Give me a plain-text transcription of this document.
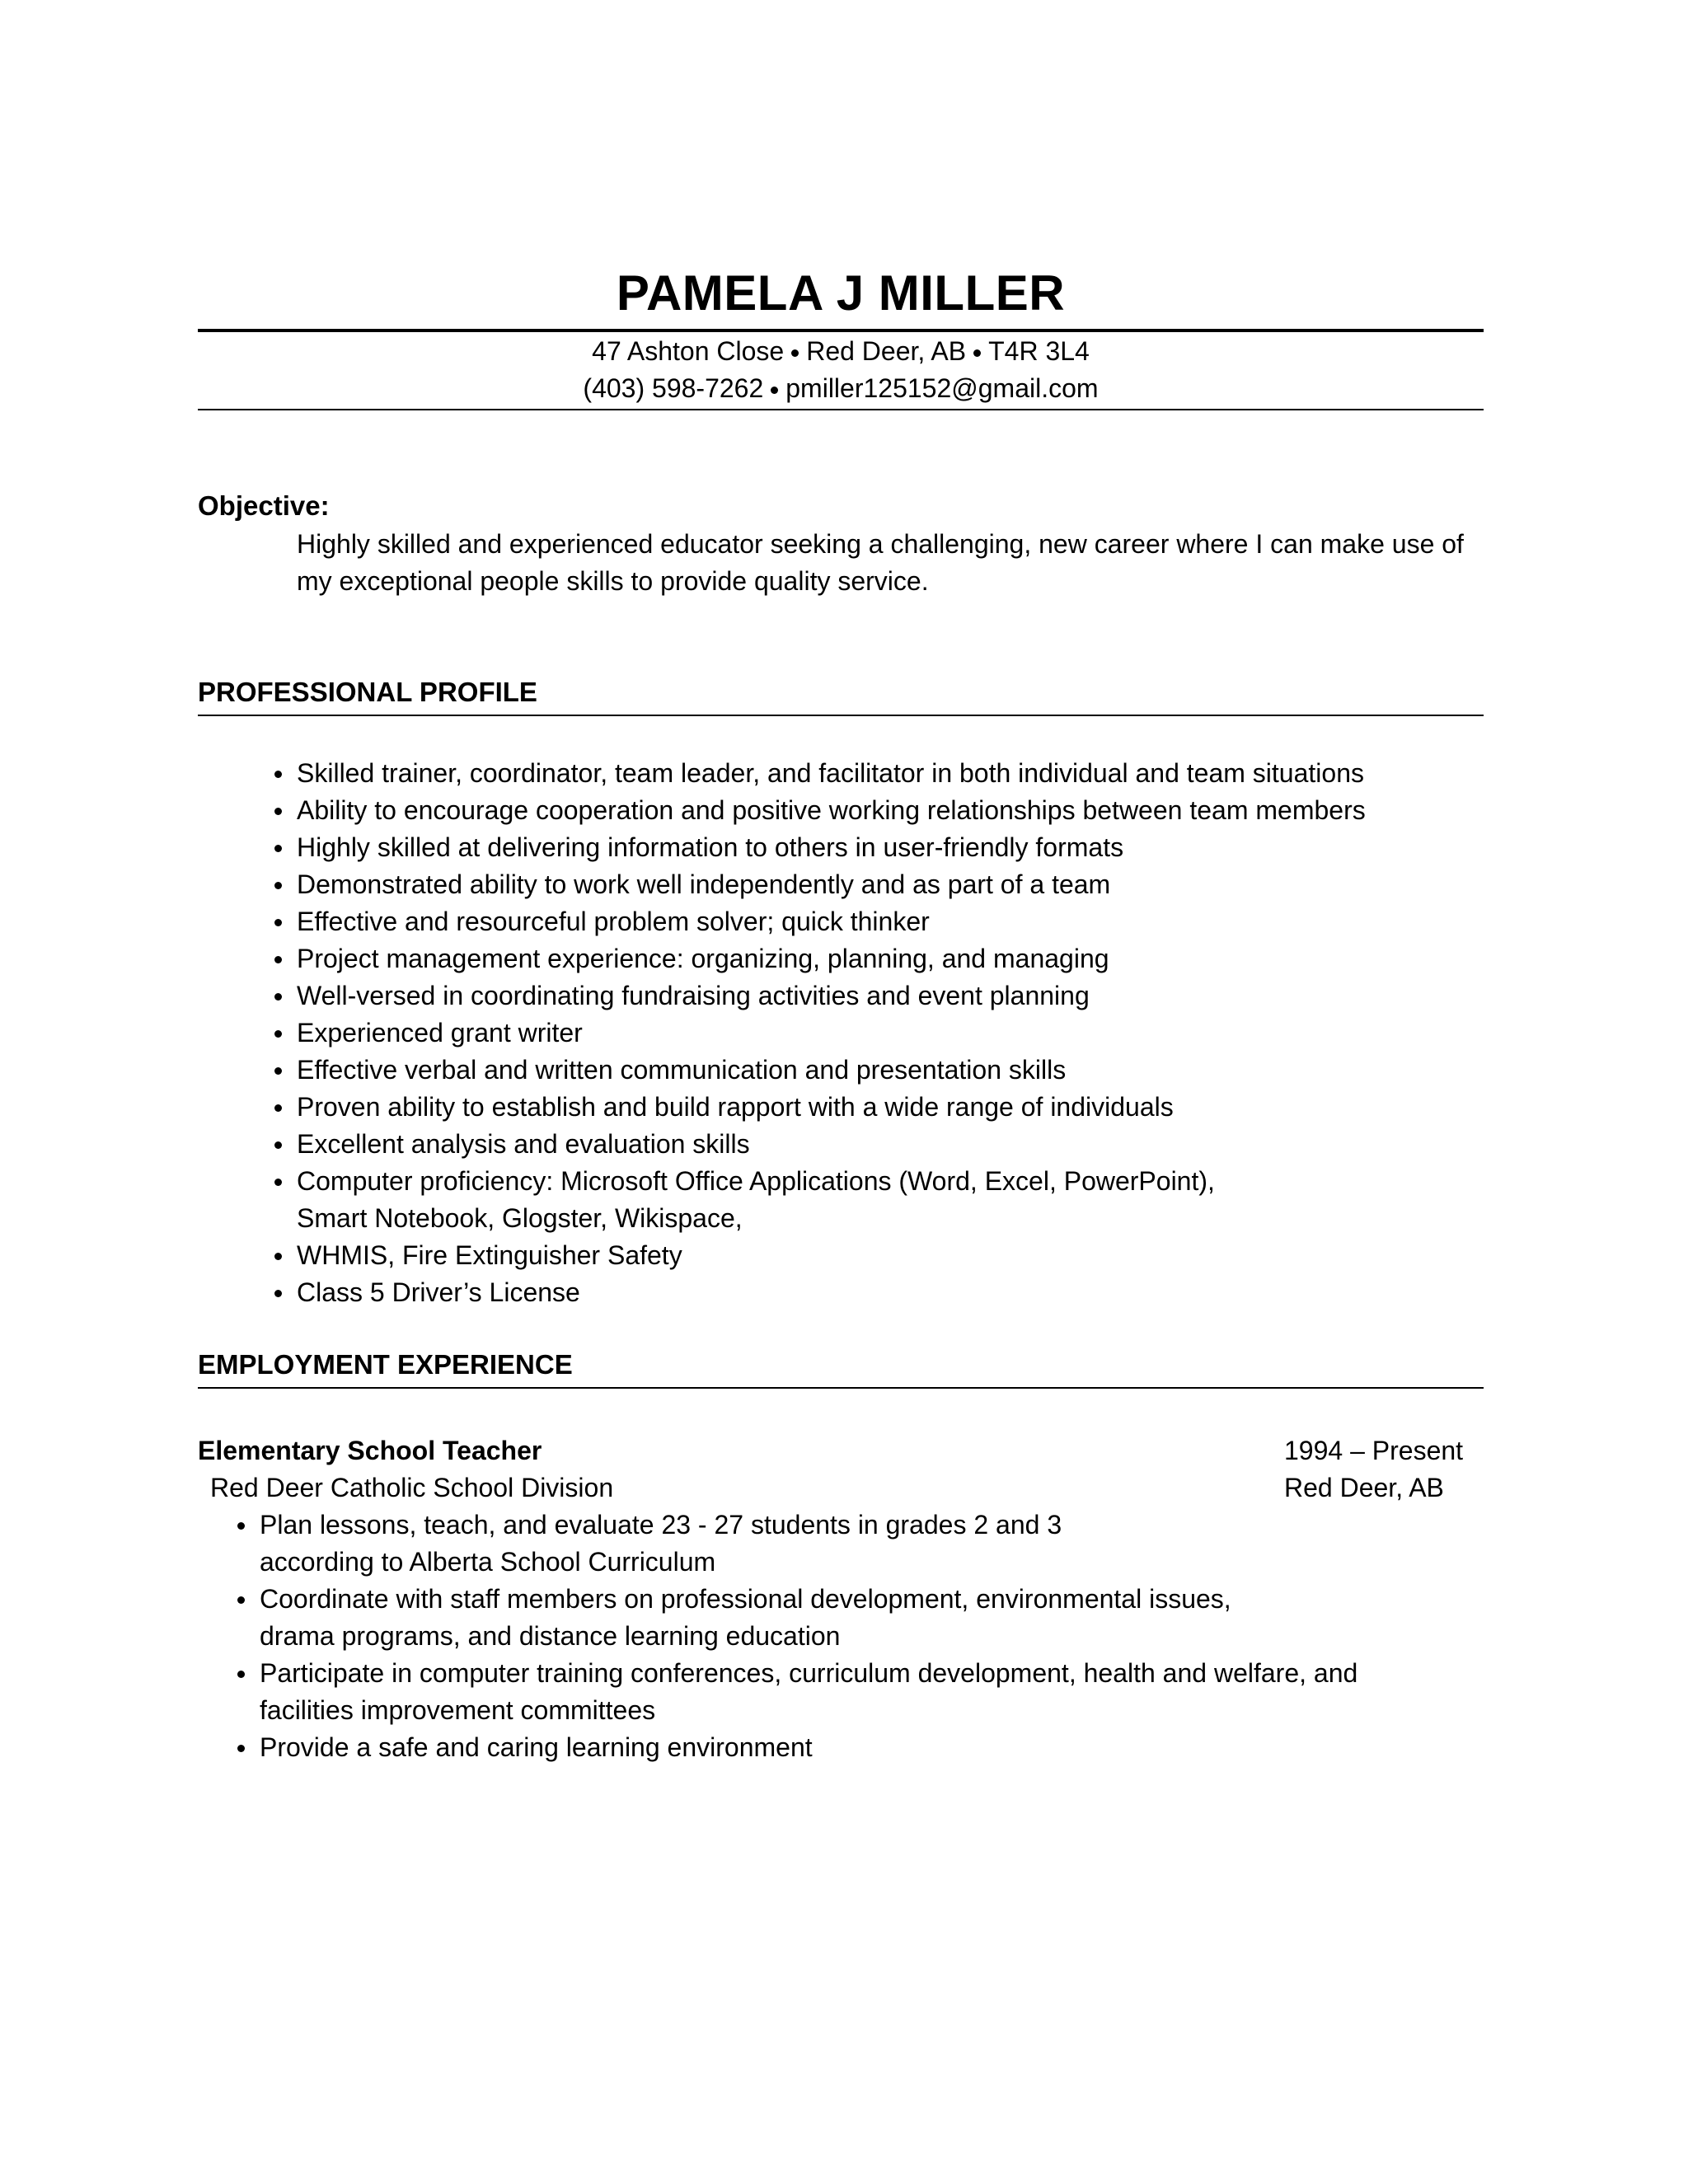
PAMELA J MILLER
47 Ashton Close Red Deer, AB T4R 3L4
(403) 598-7262 pmiller125152@gmail.com
Objective:
Highly skilled and experienced educator seeking a challenging, new career where I can make use of my exceptional people skills to provide quality service.
PROFESSIONAL PROFILE
Skilled trainer, coordinator, team leader, and facilitator in both individual and team situations
Ability to encourage cooperation and positive working relationships between team members
Highly skilled at delivering information to others in user-friendly formats
Demonstrated ability to work well independently and as part of a team
Effective and resourceful problem solver; quick thinker
Project management experience: organizing, planning, and managing
Well-versed in coordinating fundraising activities and event planning
Experienced grant writer
Effective verbal and written communication and presentation skills
Proven ability to establish and build rapport with a wide range of individuals
Excellent analysis and evaluation skills
Computer proficiency: Microsoft Office Applications (Word, Excel, PowerPoint),
Smart Notebook, Glogster, Wikispace,
WHMIS, Fire Extinguisher Safety
Class 5 Driver’s License
EMPLOYMENT EXPERIENCE
Elementary School Teacher	1994 – Present
Red Deer Catholic School Division	Red Deer, AB
Plan lessons, teach, and evaluate 23 - 27 students in grades 2 and 3
according to Alberta School Curriculum
Coordinate with staff members on professional development, environmental issues,
drama programs, and distance learning education
Participate in computer training conferences, curriculum development, health and welfare, and
facilities improvement committees
Provide a safe and caring learning environment
